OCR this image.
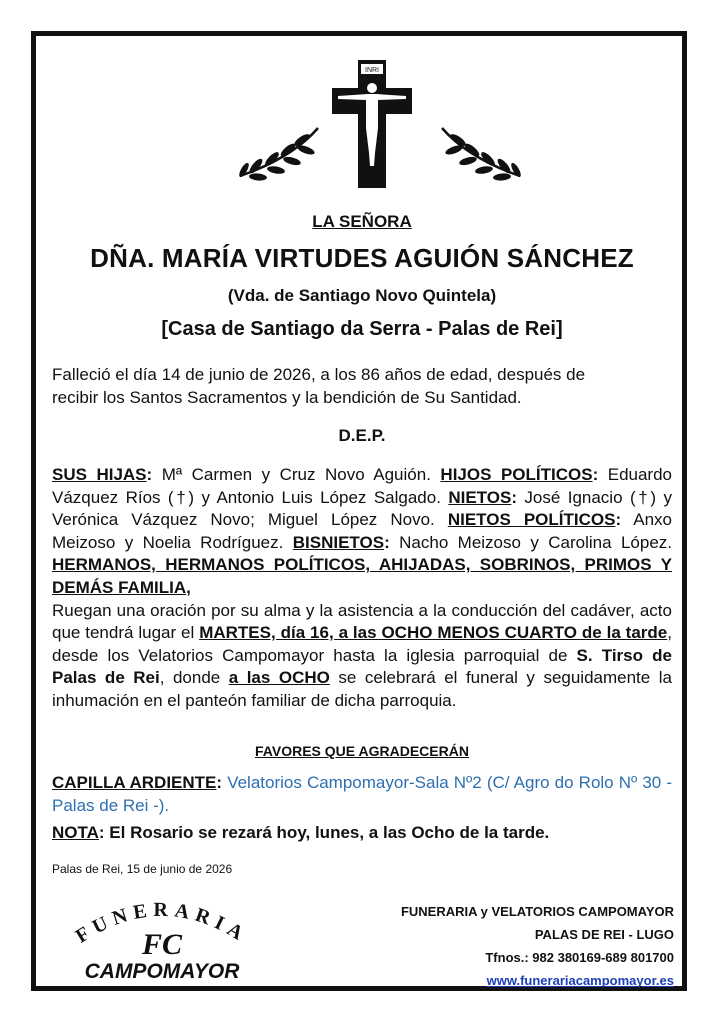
INRI
LA SEÑORA
DÑA. MARÍA VIRTUDES AGUIÓN SÁNCHEZ
(Vda. de Santiago Novo Quintela)
[Casa de Santiago da Serra - Palas de Rei]
Falleció el día 14 de junio de 2026, a los 86 años de edad, después de
recibir los Santos Sacramentos y la bendición de Su Santidad.
D.E.P.
SUS HIJAS: Mª Carmen y Cruz Novo Aguión. HIJOS POLÍTICOS: Eduardo Vázquez Ríos (†) y Antonio Luis López Salgado. NIETOS: José Ignacio (†) y Verónica Vázquez Novo; Miguel López Novo. NIETOS POLÍTICOS: Anxo Meizoso y Noelia Rodríguez. BISNIETOS: Nacho Meizoso y Carolina López. HERMANOS, HERMANOS POLÍTICOS, AHIJADAS, SOBRINOS, PRIMOS Y DEMÁS FAMILIA,
Ruegan una oración por su alma y la asistencia a la conducción del cadáver, acto que tendrá lugar el MARTES, día 16, a las OCHO MENOS CUARTO de la tarde, desde los Velatorios Campomayor hasta la iglesia parroquial de S. Tirso de Palas de Rei, donde a las OCHO se celebrará el funeral y seguidamente la inhumación en el panteón familiar de dicha parroquia.
FAVORES QUE AGRADECERÁN
CAPILLA ARDIENTE: Velatorios Campomayor-Sala Nº2 (C/ Agro do Rolo Nº 30 - Palas de Rei -).
NOTA: El Rosario se rezará hoy, lunes, a las Ocho de la tarde.
Palas de Rei, 15 de junio de 2026
FUNERARIA
FC
CAMPOMAYOR
FUNERARIA y VELATORIOS CAMPOMAYOR
PALAS DE REI - LUGO
Tfnos.: 982 380169-689 801700
www.funerariacampomayor.es
